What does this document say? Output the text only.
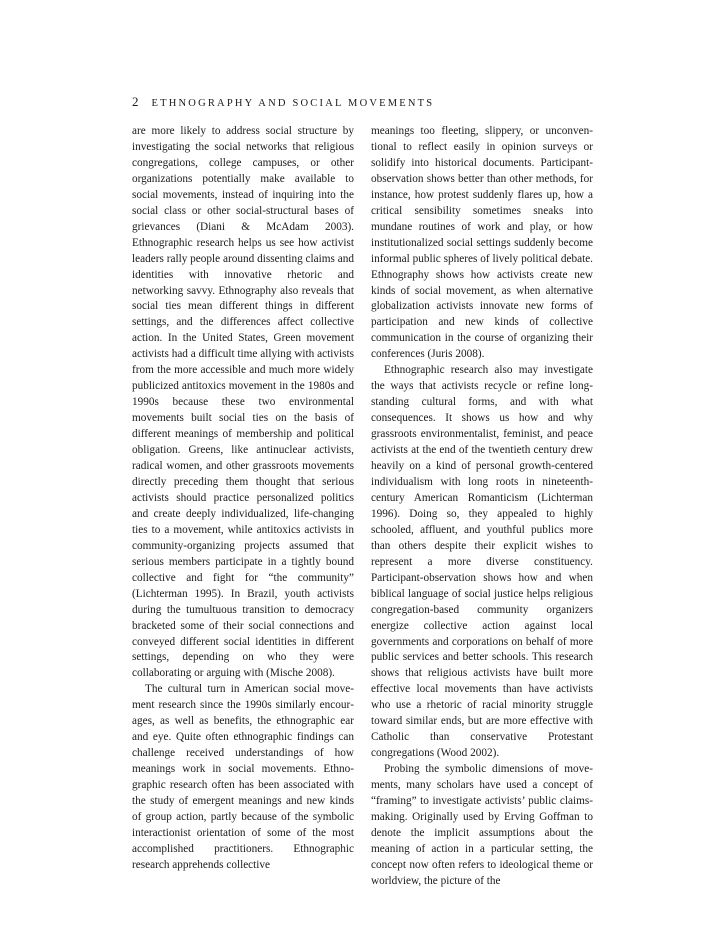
2 ETHNOGRAPHY AND SOCIAL MOVEMENTS

are more likely to address social structure by investigating the social networks that religious congregations, college campuses, or other organizations potentially make available to social movements, instead of inquiring into the social class or other social-structural bases of grievances (Diani & McAdam 2003). Ethnographic research helps us see how activist leaders rally people around dissenting claims and identities with innovative rhetoric and networking savvy. Ethnography also reveals that social ties mean different things in different settings, and the differences affect collective action. In the United States, Green movement activists had a difficult time allying with activists from the more accessible and much more widely publicized antitoxics movement in the 1980s and 1990s because these two environmental movements built social ties on the basis of different meanings of membership and political obligation. Greens, like antinuclear activists, radical women, and other grassroots movements directly preceding them thought that serious activists should practice personalized politics and create deeply individualized, life-changing ties to a movement, while antitoxics activists in community-organizing projects assumed that serious members participate in a tightly bound collective and fight for “the community” (Lichterman 1995). In Brazil, youth activists during the tumultuous transition to democracy bracketed some of their social connections and conveyed different social identities in different settings, depending on who they were collaborating or arguing with (Mische 2008).

The cultural turn in American social movement research since the 1990s similarly encourages, as well as benefits, the ethnographic ear and eye. Quite often ethnographic findings can challenge received understandings of how meanings work in social movements. Ethnographic research often has been associated with the study of emergent meanings and new kinds of group action, partly because of the symbolic interactionist orientation of some of the most accomplished practitioners. Ethnographic research apprehends collective

meanings too fleeting, slippery, or unconventional to reflect easily in opinion surveys or solidify into historical documents. Participant-observation shows better than other methods, for instance, how protest suddenly flares up, how a critical sensibility sometimes sneaks into mundane routines of work and play, or how institutionalized social settings suddenly become informal public spheres of lively political debate. Ethnography shows how activists create new kinds of social movement, as when alternative globalization activists innovate new forms of participation and new kinds of collective communication in the course of organizing their conferences (Juris 2008).

Ethnographic research also may investigate the ways that activists recycle or refine long-standing cultural forms, and with what consequences. It shows us how and why grassroots environmentalist, feminist, and peace activists at the end of the twentieth century drew heavily on a kind of personal growth-centered individualism with long roots in nineteenth-century American Romanticism (Lichterman 1996). Doing so, they appealed to highly schooled, affluent, and youthful publics more than others despite their explicit wishes to represent a more diverse constituency. Participant-observation shows how and when biblical language of social justice helps religious congregation-based community organizers energize collective action against local governments and corporations on behalf of more public services and better schools. This research shows that religious activists have built more effective local movements than have activists who use a rhetoric of racial minority struggle toward similar ends, but are more effective with Catholic than conservative Protestant congregations (Wood 2002).

Probing the symbolic dimensions of movements, many scholars have used a concept of “framing” to investigate activists’ public claims-making. Originally used by Erving Goffman to denote the implicit assumptions about the meaning of action in a particular setting, the concept now often refers to ideological theme or worldview, the picture of the
